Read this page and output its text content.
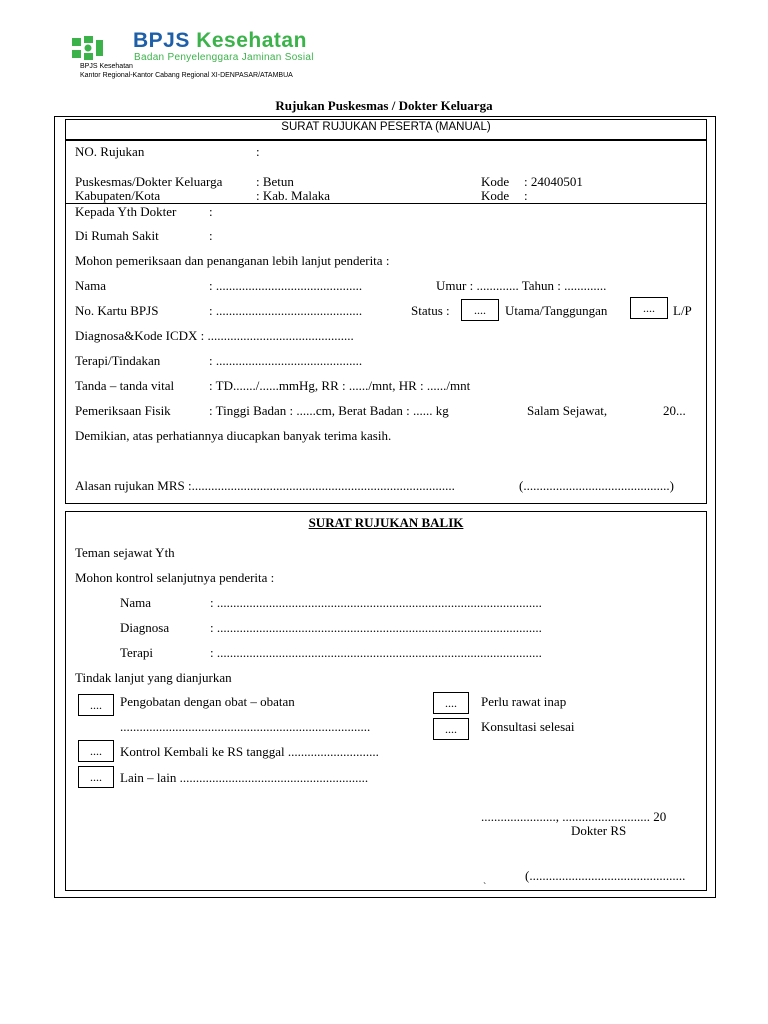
BPJS Kesehatan
Badan Penyelenggara Jaminan Sosial
BPJS Kesehatan
Kantor Regional-Kantor Cabang Regional XI-DENPASAR/ATAMBUA
Rujukan Puskesmas / Dokter Keluarga
SURAT RUJUKAN PESERTA (MANUAL)
NO. Rujukan	:
Puskesmas/Dokter Keluarga	: Betun	Kode : 24040501
Kabupaten/Kota	: Kab. Malaka	Kode :
Kepada Yth Dokter	:
Di Rumah Sakit	:
Mohon pemeriksaan dan penanganan lebih lanjut penderita :
Nama	: .............................................	Umur : ............. Tahun : .............
No. Kartu BPJS	: .............................................	Status :	....	Utama/Tanggungan	....	L/P
Diagnosa&Kode ICDX : .............................................
Terapi/Tindakan	: .............................................
Tanda – tanda vital	: TD......./......mmHg, RR : ....../mnt, HR : ....../mnt
Pemeriksaan Fisik	: Tinggi Badan : ......cm, Berat Badan : ...... kg	Salam Sejawat,	20...
Demikian, atas perhatiannya diucapkan banyak terima kasih.
Alasan rujukan MRS :.................................................................................	(.............................................)
SURAT RUJUKAN BALIK
Teman sejawat Yth
Mohon kontrol selanjutnya penderita :
Nama	: ....................................................................................................
Diagnosa	: ....................................................................................................
Terapi	: ....................................................................................................
Tindak lanjut yang dianjurkan
....	Pengobatan dengan obat – obatan
.............................................................................
....	Kontrol Kembali ke RS tanggal ............................
....	Lain – lain ..........................................................
....	Perlu rawat inap
....	Konsultasi selesai
......................., ........................... 20
Dokter RS
(................................................
`
